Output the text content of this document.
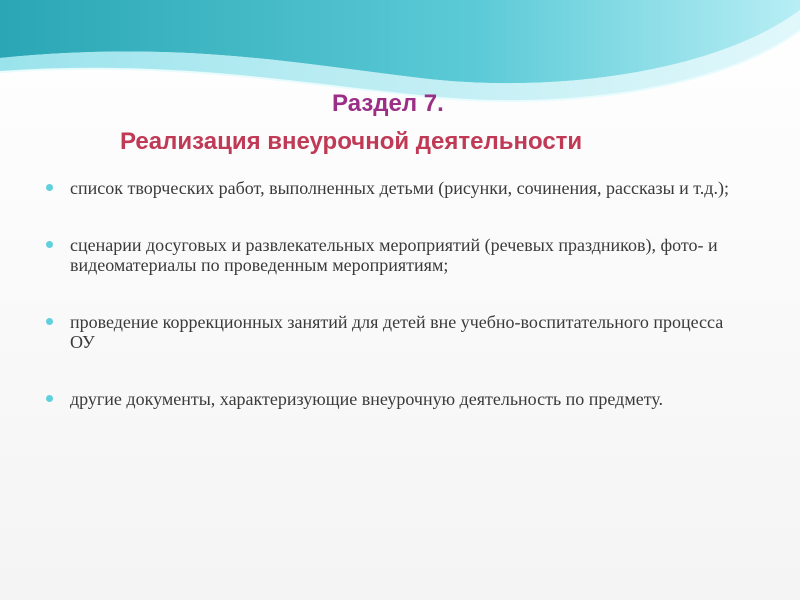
Раздел 7.
Реализация внеурочной деятельности
список творческих работ, выполненных детьми (рисунки, сочинения, рассказы и т.д.);
сценарии досуговых и развлекательных мероприятий (речевых праздников), фото- и видеоматериалы по проведенным мероприятиям;
проведение коррекционных занятий для детей вне учебно-воспитательного процесса ОУ
другие документы, характеризующие внеурочную деятельность по предмету.
